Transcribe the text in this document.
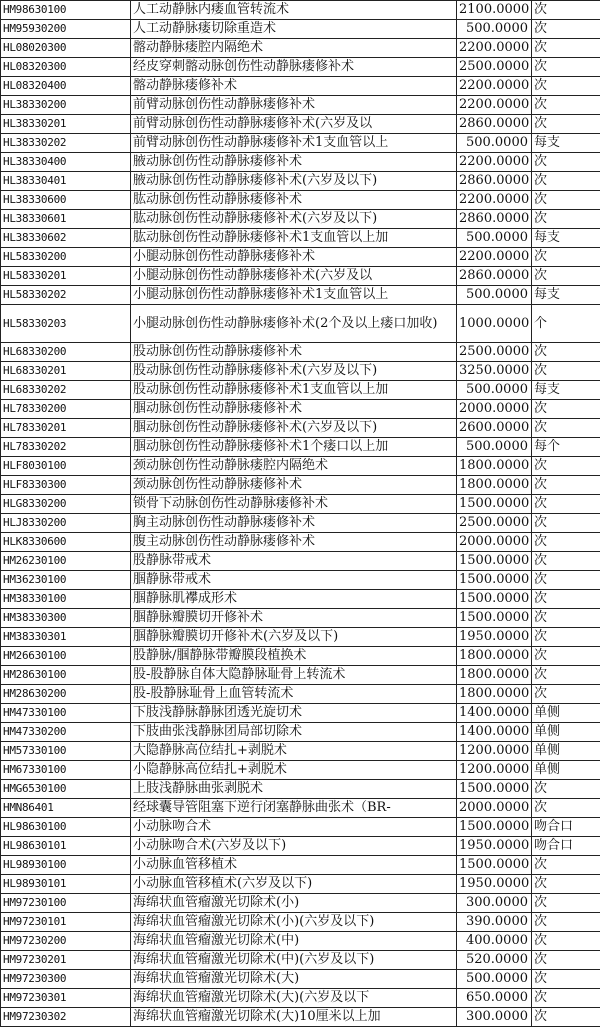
HM98630100	人工动静脉内瘘血管转流术	2100.0000	次
HM95930200	人工动静脉瘘切除重造术	500.0000	次
HL08020300	髂动静脉瘘腔内隔绝术	2200.0000	次
HL08320300	经皮穿刺髂动脉创伤性动静脉瘘修补术	2500.0000	次
HL08320400	髂动静脉瘘修补术	2200.0000	次
HL38330200	前臂动脉创伤性动静脉瘘修补术	2200.0000	次
HL38330201	前臂动脉创伤性动静脉瘘修补术(六岁及以	2860.0000	次
HL38330202	前臂动脉创伤性动静脉瘘修补术1支血管以上	500.0000	每支
HL38330400	腋动脉创伤性动静脉瘘修补术	2200.0000	次
HL38330401	腋动脉创伤性动静脉瘘修补术(六岁及以下)	2860.0000	次
HL38330600	肱动脉创伤性动静脉瘘修补术	2200.0000	次
HL38330601	肱动脉创伤性动静脉瘘修补术(六岁及以下)	2860.0000	次
HL38330602	肱动脉创伤性动静脉瘘修补术1支血管以上加	500.0000	每支
HL58330200	小腿动脉创伤性动静脉瘘修补术	2200.0000	次
HL58330201	小腿动脉创伤性动静脉瘘修补术(六岁及以	2860.0000	次
HL58330202	小腿动脉创伤性动静脉瘘修补术1支血管以上	500.0000	每支
HL58330203	小腿动脉创伤性动静脉瘘修补术(2个及以上瘘口加收)	1000.0000	个
HL68330200	股动脉创伤性动静脉瘘修补术	2500.0000	次
HL68330201	股动脉创伤性动静脉瘘修补术(六岁及以下)	3250.0000	次
HL68330202	股动脉创伤性动静脉瘘修补术1支血管以上加	500.0000	每支
HL78330200	腘动脉创伤性动静脉瘘修补术	2000.0000	次
HL78330201	腘动脉创伤性动静脉瘘修补术(六岁及以下)	2600.0000	次
HL78330202	腘动脉创伤性动静脉瘘修补术1个瘘口以上加	500.0000	每个
HLF8030100	颈动脉创伤性动静脉瘘腔内隔绝术	1800.0000	次
HLF8330300	颈动脉创伤性动静脉瘘修补术	1800.0000	次
HLG8330200	锁骨下动脉创伤性动静脉瘘修补术	1500.0000	次
HLJ8330200	胸主动脉创伤性动静脉瘘修补术	2500.0000	次
HLK8330600	腹主动脉创伤性动静脉瘘修补术	2000.0000	次
HM26230100	股静脉带戒术	1500.0000	次
HM36230100	腘静脉带戒术	1500.0000	次
HM38330100	腘静脉肌襻成形术	1500.0000	次
HM38330300	腘静脉瓣膜切开修补术	1500.0000	次
HM38330301	腘静脉瓣膜切开修补术(六岁及以下)	1950.0000	次
HM26630100	股静脉/腘静脉带瓣膜段植换术	1800.0000	次
HM28630100	股-股静脉自体大隐静脉耻骨上转流术	1800.0000	次
HM28630200	股-股静脉耻骨上血管转流术	1800.0000	次
HM47330100	下肢浅静脉静脉团透光旋切术	1400.0000	单侧
HM47330200	下肢曲张浅静脉团局部切除术	1400.0000	单侧
HM57330100	大隐静脉高位结扎+剥脱术	1200.0000	单侧
HM67330100	小隐静脉高位结扎+剥脱术	1200.0000	单侧
HMG6530100	上肢浅静脉曲张剥脱术	1500.0000	次
HMN86401	经球囊导管阻塞下逆行闭塞静脉曲张术（BR-	2000.0000	次
HL98630100	小动脉吻合术	1500.0000	吻合口
HL98630101	小动脉吻合术(六岁及以下)	1950.0000	吻合口
HL98930100	小动脉血管移植术	1500.0000	次
HL98930101	小动脉血管移植术(六岁及以下)	1950.0000	次
HM97230100	海绵状血管瘤激光切除术(小)	300.0000	次
HM97230101	海绵状血管瘤激光切除术(小)(六岁及以下)	390.0000	次
HM97230200	海绵状血管瘤激光切除术(中)	400.0000	次
HM97230201	海绵状血管瘤激光切除术(中)(六岁及以下)	520.0000	次
HM97230300	海绵状血管瘤激光切除术(大)	500.0000	次
HM97230301	海绵状血管瘤激光切除术(大)(六岁及以下	650.0000	次
HM97230302	海绵状血管瘤激光切除术(大)10厘米以上加	300.0000	次
